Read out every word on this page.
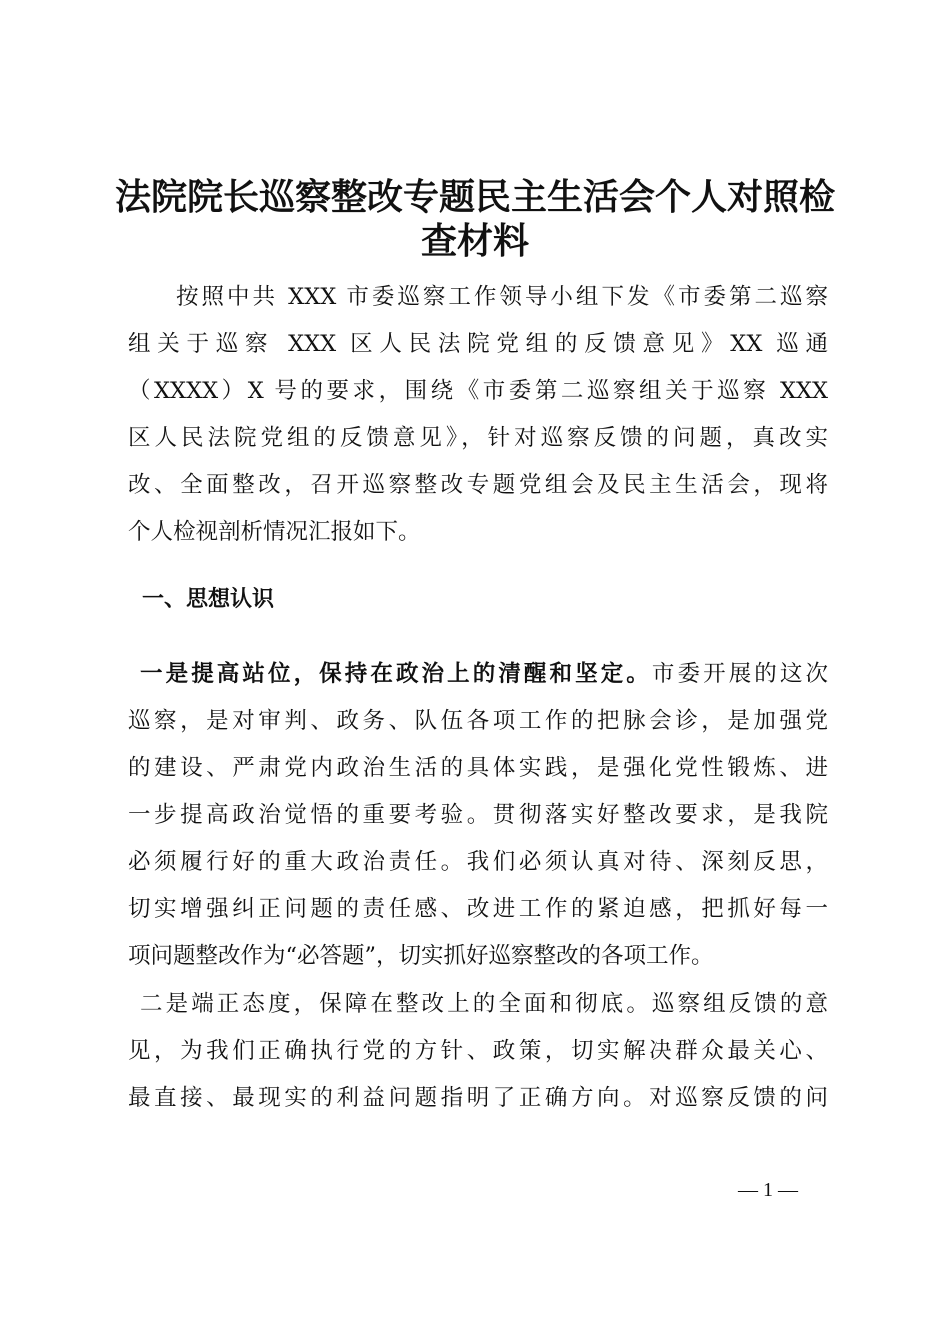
法院院长巡察整改专题民主生活会个人对照检
查材料
按照中共 XXX 市委巡察工作领导小组下发《市委第二巡察
组关于巡察 XXX 区人民法院党组的反馈意见》XX 巡通
（XXXX）X 号的要求，围绕《市委第二巡察组关于巡察 XXX
区人民法院党组的反馈意见》，针对巡察反馈的问题，真改实
改、全面整改，召开巡察整改专题党组会及民主生活会，现将
个人检视剖析情况汇报如下。
一、思想认识
一是提高站位，保持在政治上的清醒和坚定。市委开展的这次
巡察，是对审判、政务、队伍各项工作的把脉会诊，是加强党
的建设、严肃党内政治生活的具体实践，是强化党性锻炼、进
一步提高政治觉悟的重要考验。贯彻落实好整改要求，是我院
必须履行好的重大政治责任。我们必须认真对待、深刻反思，
切实增强纠正问题的责任感、改进工作的紧迫感，把抓好每一
项问题整改作为“必答题”，切实抓好巡察整改的各项工作。
二是端正态度，保障在整改上的全面和彻底。巡察组反馈的意
见，为我们正确执行党的方针、政策，切实解决群众最关心、
最直接、最现实的利益问题指明了正确方向。对巡察反馈的问
— 1 —
